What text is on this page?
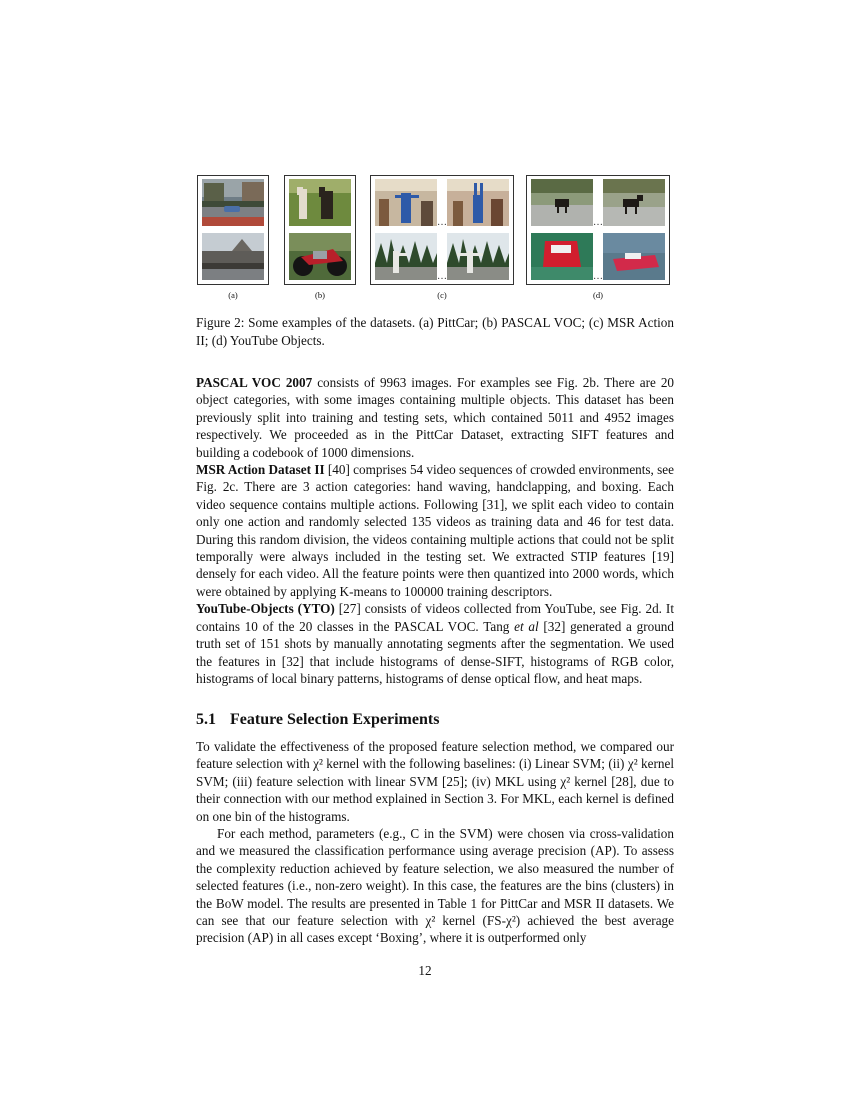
…
…
…
…
(a)	(b)	(c)	(d)
Figure 2: Some examples of the datasets. (a) PittCar; (b) PASCAL VOC; (c) MSR Action II; (d) YouTube Objects.

PASCAL VOC 2007 consists of 9963 images. For examples see Fig. 2b. There are 20 object categories, with some images containing multiple objects. This dataset has been previously split into training and testing sets, which contained 5011 and 4952 images respectively. We proceeded as in the PittCar Dataset, extracting SIFT features and building a codebook of 1000 dimensions.

MSR Action Dataset II [40] comprises 54 video sequences of crowded environments, see Fig. 2c. There are 3 action categories: hand waving, handclapping, and boxing. Each video sequence contains multiple actions. Following [31], we split each video to contain only one action and randomly selected 135 videos as training data and 46 for test data. During this random division, the videos containing multiple actions that could not be split temporally were always included in the testing set. We extracted STIP features [19] densely for each video. All the feature points were then quantized into 2000 words, which were obtained by applying K-means to 100000 training descriptors.

YouTube-Objects (YTO) [27] consists of videos collected from YouTube, see Fig. 2d. It contains 10 of the 20 classes in the PASCAL VOC. Tang et al [32] generated a ground truth set of 151 shots by manually annotating segments after the segmentation. We used the features in [32] that include histograms of dense-SIFT, histograms of RGB color, histograms of local binary patterns, histograms of dense optical flow, and heat maps.

5.1 Feature Selection Experiments

To validate the effectiveness of the proposed feature selection method, we compared our feature selection with χ² kernel with the following baselines: (i) Linear SVM; (ii) χ² kernel SVM; (iii) feature selection with linear SVM [25]; (iv) MKL using χ² kernel [28], due to their connection with our method explained in Section 3. For MKL, each kernel is defined on one bin of the histograms.

For each method, parameters (e.g., C in the SVM) were chosen via cross-validation and we measured the classification performance using average precision (AP). To assess the complexity reduction achieved by feature selection, we also measured the number of selected features (i.e., non-zero weight). In this case, the features are the bins (clusters) in the BoW model. The results are presented in Table 1 for PittCar and MSR II datasets. We can see that our feature selection with χ² kernel (FS-χ²) achieved the best average precision (AP) in all cases except ‘Boxing’, where it is outperformed only

12
